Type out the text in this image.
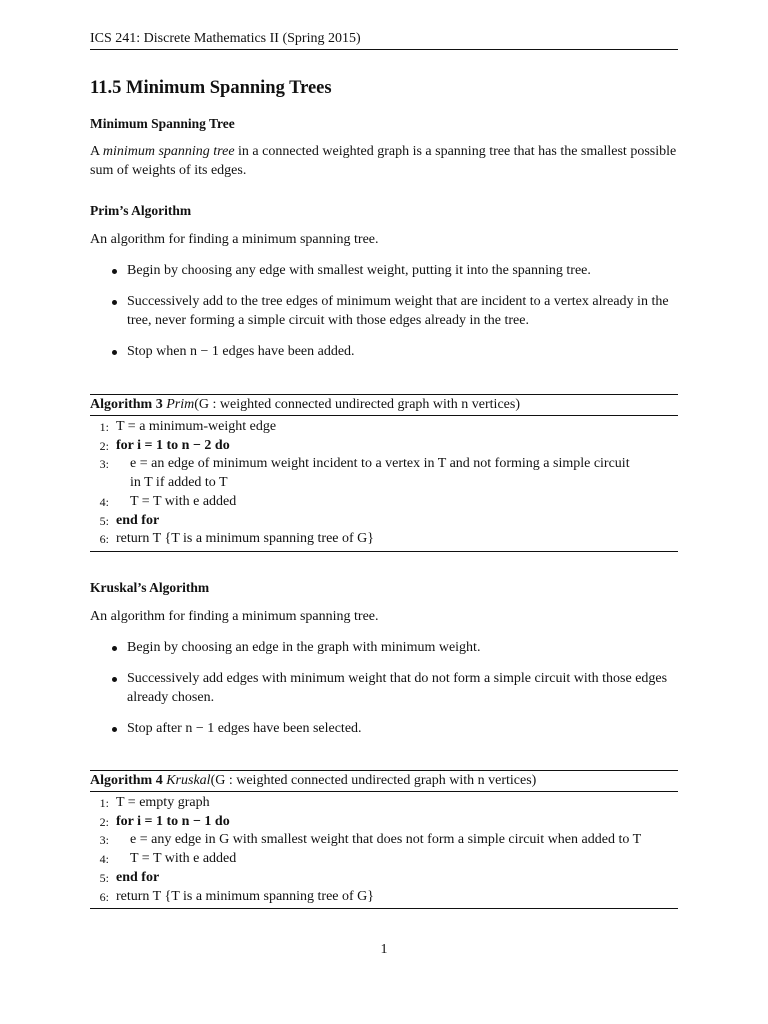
ICS 241: Discrete Mathematics II (Spring 2015)
11.5 Minimum Spanning Trees
Minimum Spanning Tree
A minimum spanning tree in a connected weighted graph is a spanning tree that has the smallest possible sum of weights of its edges.
Prim’s Algorithm
An algorithm for finding a minimum spanning tree.
Begin by choosing any edge with smallest weight, putting it into the spanning tree.
Successively add to the tree edges of minimum weight that are incident to a vertex already in the tree, never forming a simple circuit with those edges already in the tree.
Stop when n − 1 edges have been added.
Algorithm 3 Prim(G : weighted connected undirected graph with n vertices)
1: T = a minimum-weight edge
2: for i = 1 to n − 2 do
3: e = an edge of minimum weight incident to a vertex in T and not forming a simple circuit
in T if added to T
4: T = T with e added
5: end for
6: return T {T is a minimum spanning tree of G}
Kruskal’s Algorithm
An algorithm for finding a minimum spanning tree.
Begin by choosing an edge in the graph with minimum weight.
Successively add edges with minimum weight that do not form a simple circuit with those edges already chosen.
Stop after n − 1 edges have been selected.
Algorithm 4 Kruskal(G : weighted connected undirected graph with n vertices)
1: T = empty graph
2: for i = 1 to n − 1 do
3: e = any edge in G with smallest weight that does not form a simple circuit when added to T
4: T = T with e added
5: end for
6: return T {T is a minimum spanning tree of G}
1
